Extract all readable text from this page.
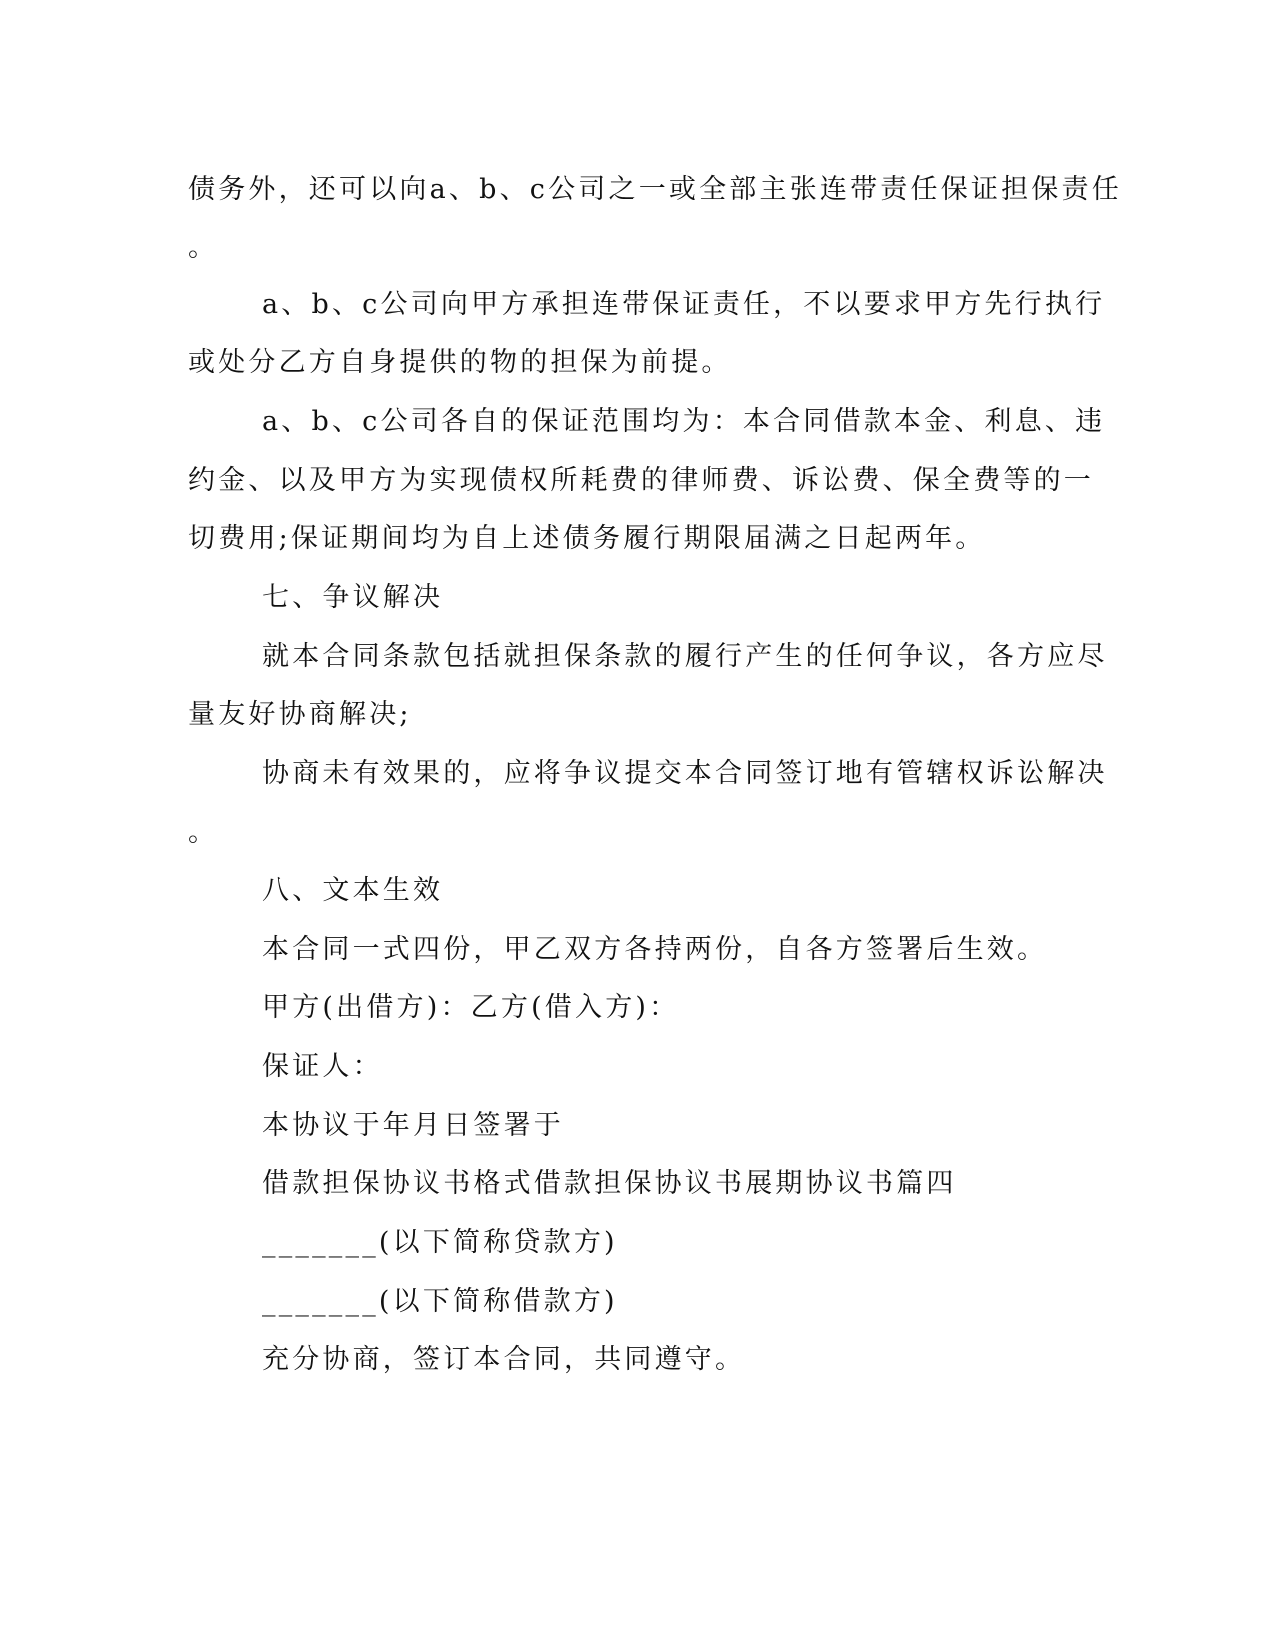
债务外，还可以向a、b、c公司之一或全部主张连带责任保证担保责任
。
a、b、c公司向甲方承担连带保证责任，不以要求甲方先行执行
或处分乙方自身提供的物的担保为前提。
a、b、c公司各自的保证范围均为：本合同借款本金、利息、违
约金、以及甲方为实现债权所耗费的律师费、诉讼费、保全费等的一
切费用;保证期间均为自上述债务履行期限届满之日起两年。
七、争议解决
就本合同条款包括就担保条款的履行产生的任何争议，各方应尽
量友好协商解决;
协商未有效果的，应将争议提交本合同签订地有管辖权诉讼解决
。
八、文本生效
本合同一式四份，甲乙双方各持两份，自各方签署后生效。
甲方(出借方)：乙方(借入方)：
保证人：
本协议于年月日签署于
借款担保协议书格式借款担保协议书展期协议书篇四
_______(以下简称贷款方)
_______(以下简称借款方)
充分协商，签订本合同，共同遵守。
